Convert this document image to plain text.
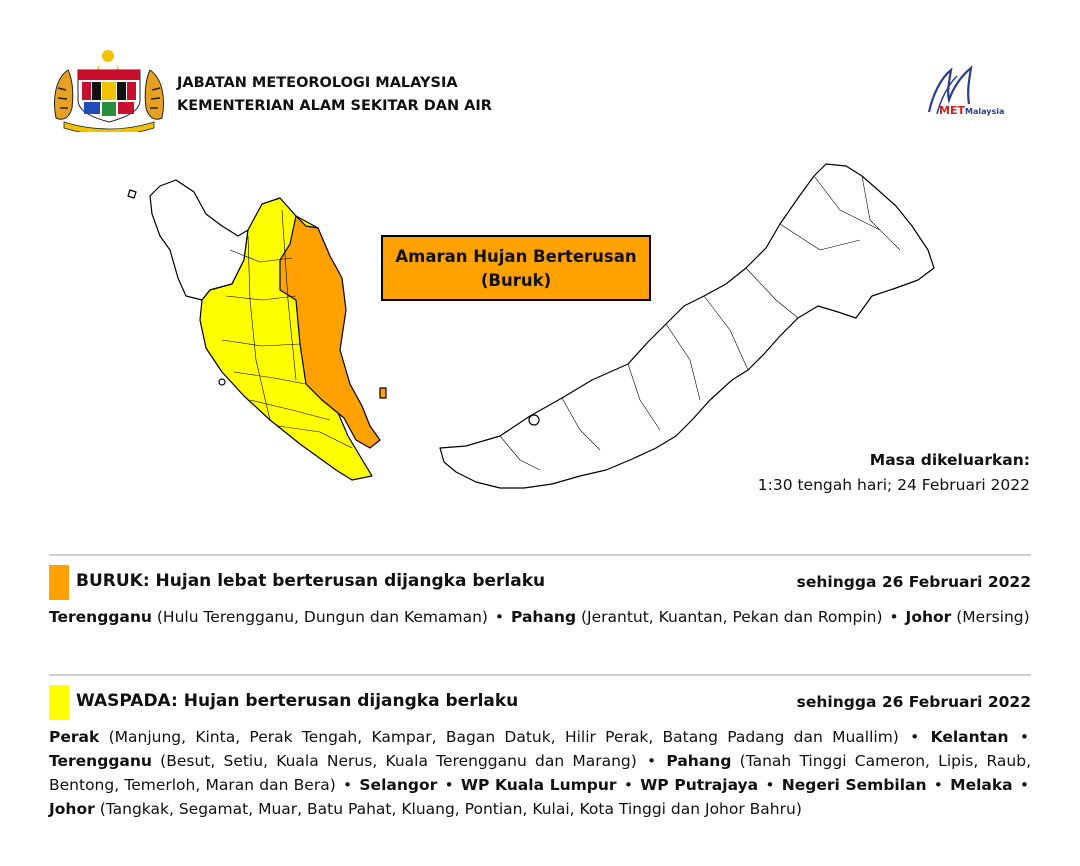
JABATAN METEOROLOGI MALAYSIA
KEMENTERIAN ALAM SEKITAR DAN AIR	MET Malaysia
Amaran Hujan Berterusan
(Buruk)
Masa dikeluarkan:
1:30 tengah hari; 24 Februari 2022
BURUK: Hujan lebat berterusan dijangka berlaku	sehingga 26 Februari 2022
Terengganu (Hulu Terengganu, Dungun dan Kemaman) • Pahang (Jerantut, Kuantan, Pekan dan Rompin) • Johor (Mersing)
WASPADA: Hujan berterusan dijangka berlaku	sehingga 26 Februari 2022
Perak (Manjung, Kinta, Perak Tengah, Kampar, Bagan Datuk, Hilir Perak, Batang Padang dan Muallim) • Kelantan • Terengganu (Besut, Setiu, Kuala Nerus, Kuala Terengganu dan Marang) • Pahang (Tanah Tinggi Cameron, Lipis, Raub, Bentong, Temerloh, Maran dan Bera) • Selangor • WP Kuala Lumpur • WP Putrajaya • Negeri Sembilan • Melaka • Johor (Tangkak, Segamat, Muar, Batu Pahat, Kluang, Pontian, Kulai, Kota Tinggi dan Johor Bahru)
